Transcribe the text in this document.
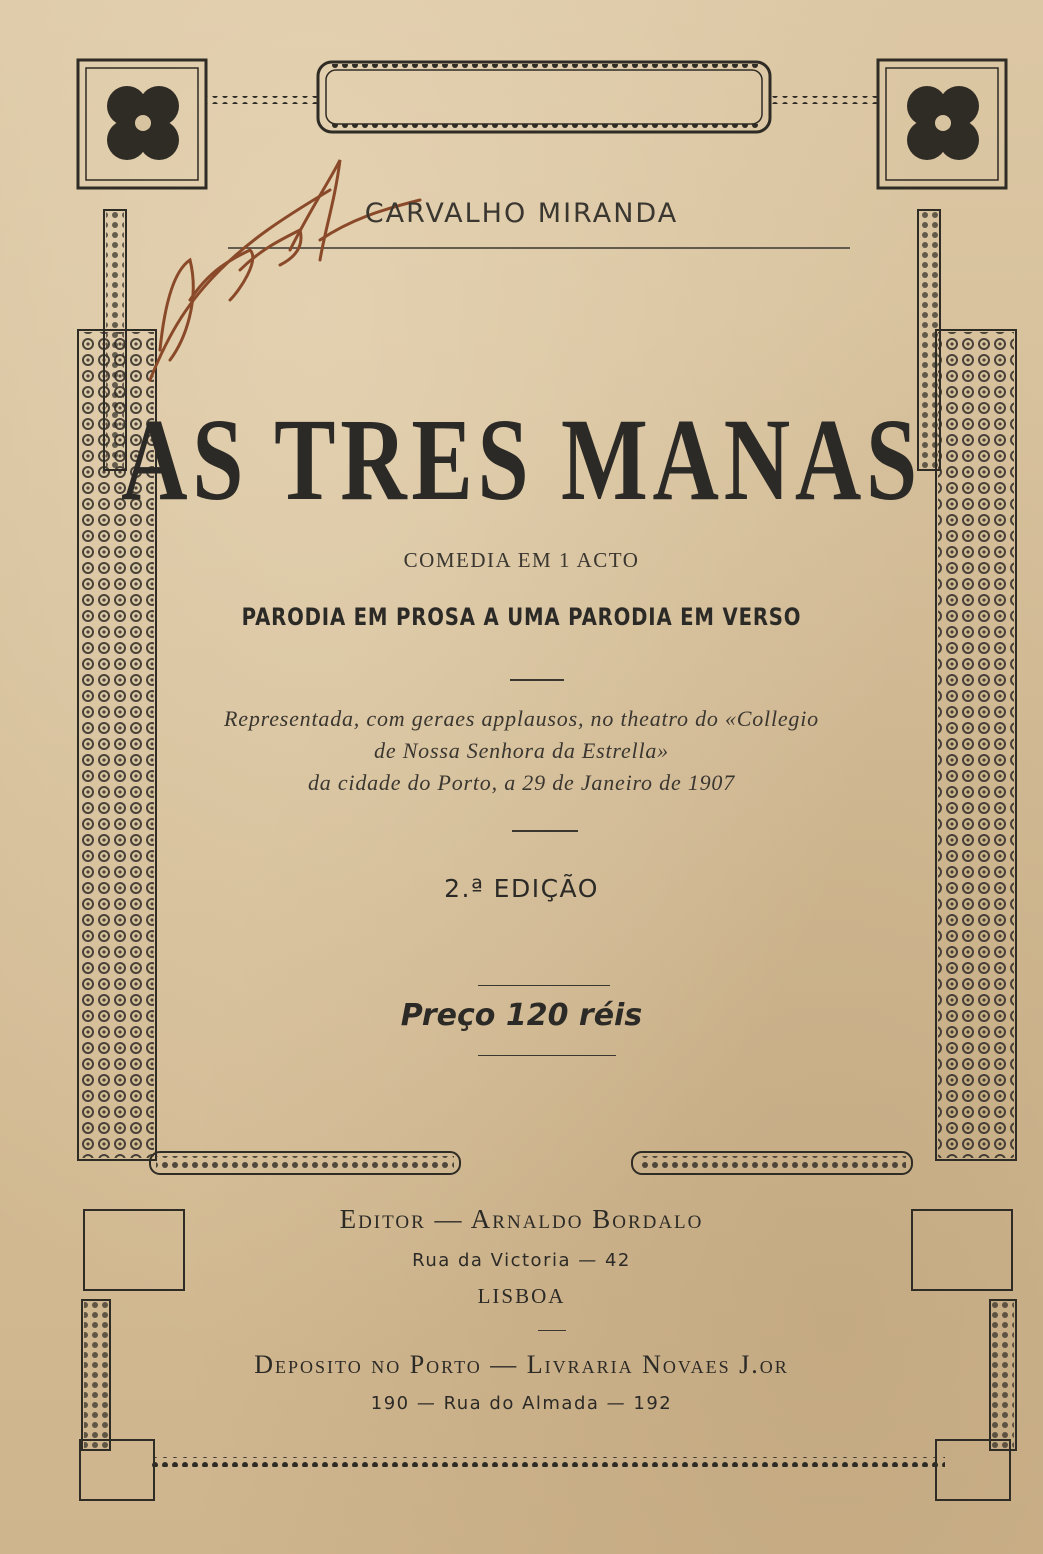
CARVALHO MIRANDA
AS TRES MANAS
COMEDIA EM 1 ACTO
PARODIA EM PROSA A UMA PARODIA EM VERSO
Representada, com geraes applausos, no theatro do «Collegio
de Nossa Senhora da Estrella»
da cidade do Porto, a 29 de Janeiro de 1907
2.ª EDIÇÃO
Preço 120 réis
Editor — Arnaldo Bordalo
Rua da Victoria — 42
LISBOA
Deposito no Porto — Livraria Novaes J.or
190 — Rua do Almada — 192
